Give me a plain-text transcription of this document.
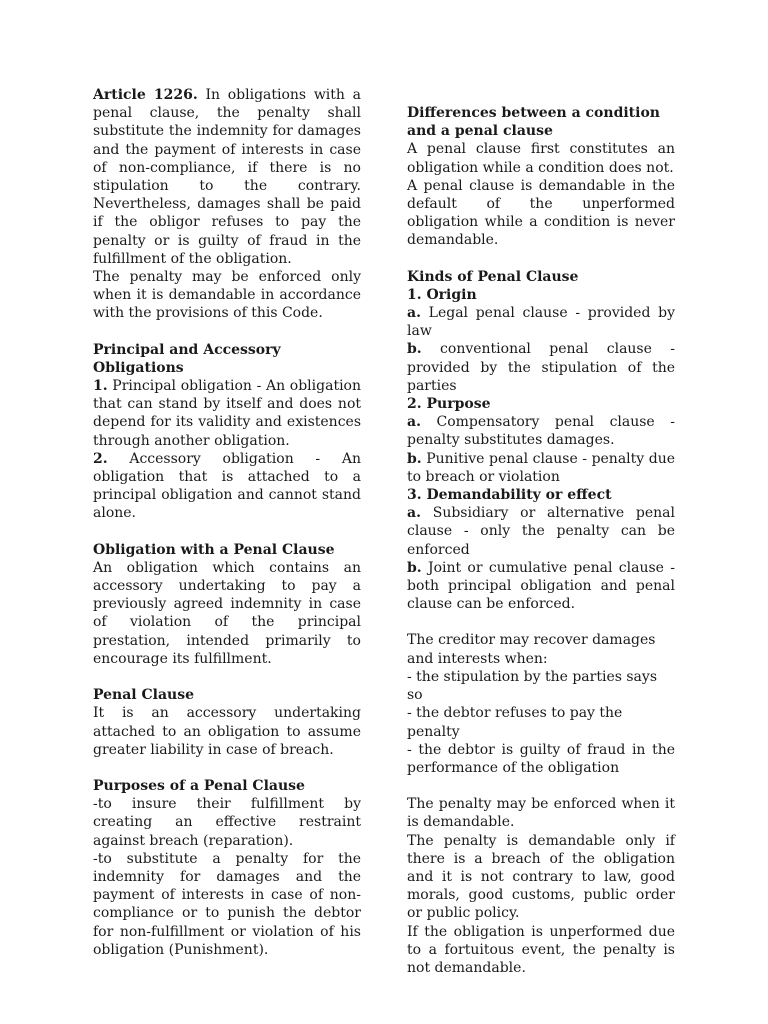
Article 1226. In obligations with a penal clause, the penalty shall substitute the indemnity for damages and the payment of interests in case of non-compliance, if there is no stipulation to the contrary. Nevertheless, damages shall be paid if the obligor refuses to pay the penalty or is guilty of fraud in the fulfillment of the obligation.

The penalty may be enforced only when it is demandable in accordance with the provisions of this Code.

Principal and Accessory Obligations

1. Principal obligation - An obligation that can stand by itself and does not depend for its validity and existences through another obligation.

2. Accessory obligation - An obligation that is attached to a principal obligation and cannot stand alone.

Obligation with a Penal Clause

An obligation which contains an accessory undertaking to pay a previously agreed indemnity in case of violation of the principal prestation, intended primarily to encourage its fulfillment.

Penal Clause

It is an accessory undertaking attached to an obligation to assume greater liability in case of breach.

Purposes of a Penal Clause

-to insure their fulfillment by creating an effective restraint against breach (reparation).

-to substitute a penalty for the indemnity for damages and the payment of interests in case of non-compliance or to punish the debtor for non-fulfillment or violation of his obligation (Punishment).

Differences between a condition and a penal clause

A penal clause first constitutes an obligation while a condition does not.

A penal clause is demandable in the default of the unperformed obligation while a condition is never demandable.

Kinds of Penal Clause

1. Origin

a. Legal penal clause - provided by law

b. conventional penal clause - provided by the stipulation of the parties

2. Purpose

a. Compensatory penal clause - penalty substitutes damages.

b. Punitive penal clause - penalty due to breach or violation

3. Demandability or effect

a. Subsidiary or alternative penal clause - only the penalty can be enforced

b. Joint or cumulative penal clause - both principal obligation and penal clause can be enforced.

The creditor may recover damages and interests when:

- the stipulation by the parties says so

- the debtor refuses to pay the penalty

- the debtor is guilty of fraud in the performance of the obligation

The penalty may be enforced when it is demandable.

The penalty is demandable only if there is a breach of the obligation and it is not contrary to law, good morals, good customs, public order or public policy.

If the obligation is unperformed due to a fortuitous event, the penalty is not demandable.
